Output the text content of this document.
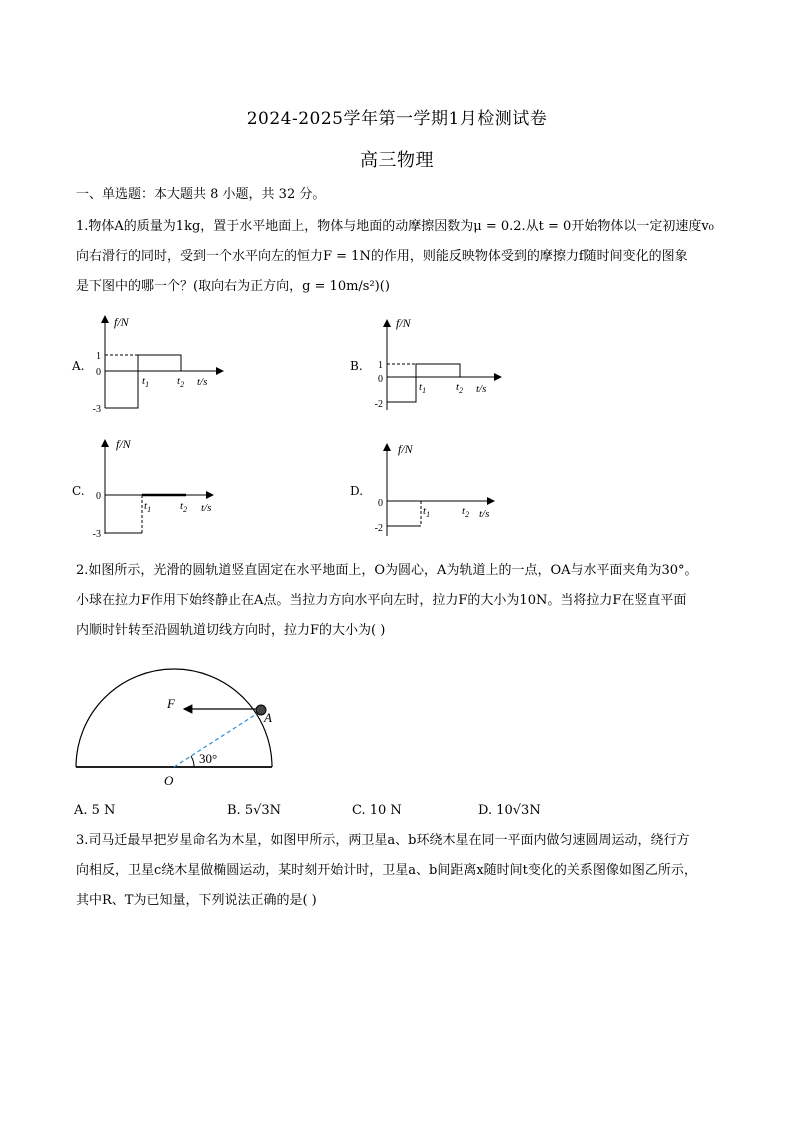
2024-2025学年第一学期1月检测试卷
高三物理
一、单选题：本大题共 8 小题，共 32 分。
1.物体A的质量为1kg，置于水平地面上，物体与地面的动摩擦因数为μ = 0.2.从t = 0开始物体以一定初速度v₀
向右滑行的同时，受到一个水平向左的恒力F = 1N的作用，则能反映物体受到的摩擦力f随时间变化的图象
是下图中的哪一个？(取向右为正方向，g = 10m/s²)()
A.
f/N
1
0
-3
$t_1$	$t_2$ t/s
B.
f/N
1
0
-2
$t_1$	$t_2$ t/s
C.
f/N
0
-3
$t_1$	$t_2$ t/s
D.
f/N
0
-2
$t_1$	$t_2$ t/s
2.如图所示，光滑的圆轨道竖直固定在水平地面上，O为圆心，A为轨道上的一点，OA与水平面夹角为30°。
小球在拉力F作用下始终静止在A点。当拉力方向水平向左时，拉力F的大小为10N。当将拉力F在竖直平面
内顺时针转至沿圆轨道切线方向时，拉力F的大小为( )
F
A
O
30°
A. 5 N	B. 5√3N	C. 10 N	D. 10√3N
3.司马迁最早把岁星命名为木星，如图甲所示，两卫星a、b环绕木星在同一平面内做匀速圆周运动，绕行方
向相反，卫星c绕木星做椭圆运动，某时刻开始计时，卫星a、b间距离x随时间t变化的关系图像如图乙所示，
其中R、T为已知量，下列说法正确的是( )
